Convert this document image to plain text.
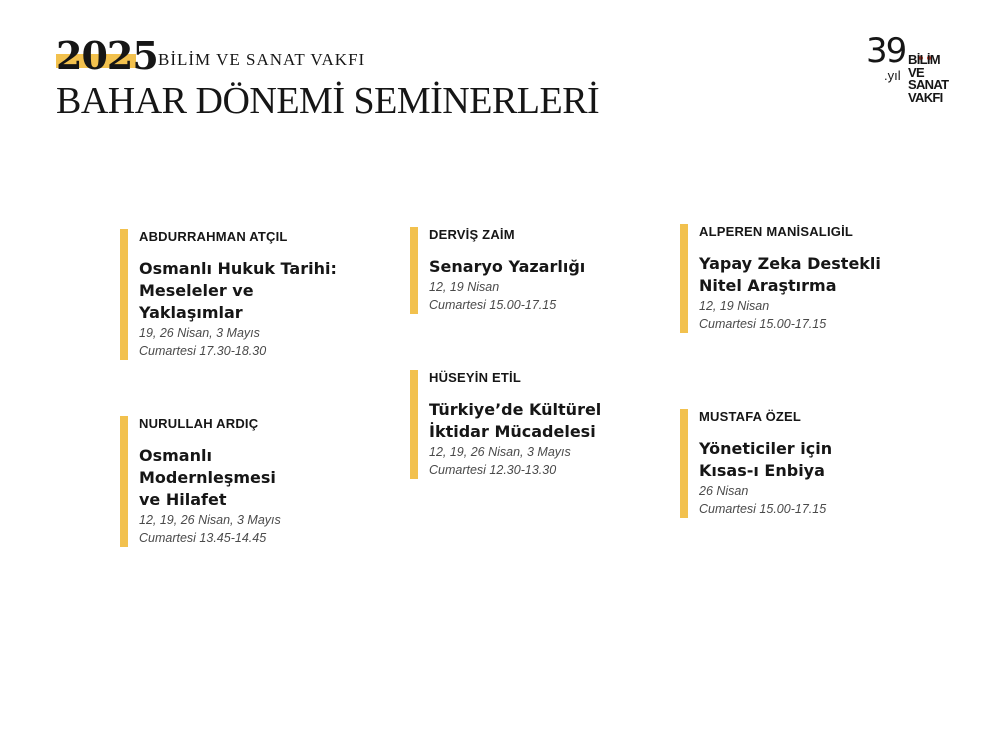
2025 BİLİM VE SANAT VAKFI
BAHAR DÖNEMİ SEMİNERLERİ
39
.yıl
BİLİM
VE
SANAT
VAKFI
ABDURRAHMAN ATÇIL
Osmanlı Hukuk Tarihi:
Meseleler ve
Yaklaşımlar
19, 26 Nisan, 3 Mayıs
Cumartesi 17.30-18.30
DERVİŞ ZAİM
Senaryo Yazarlığı
12, 19 Nisan
Cumartesi 15.00-17.15
ALPEREN MANİSALIGİL
Yapay Zeka Destekli
Nitel Araştırma
12, 19 Nisan
Cumartesi 15.00-17.15
NURULLAH ARDIÇ
Osmanlı
Modernleşmesi
ve Hilafet
12, 19, 26 Nisan, 3 Mayıs
Cumartesi 13.45-14.45
HÜSEYİN ETİL
Türkiye’de Kültürel
İktidar Mücadelesi
12, 19, 26 Nisan, 3 Mayıs
Cumartesi 12.30-13.30
MUSTAFA ÖZEL
Yöneticiler için
Kısas-ı Enbiya
26 Nisan
Cumartesi 15.00-17.15
